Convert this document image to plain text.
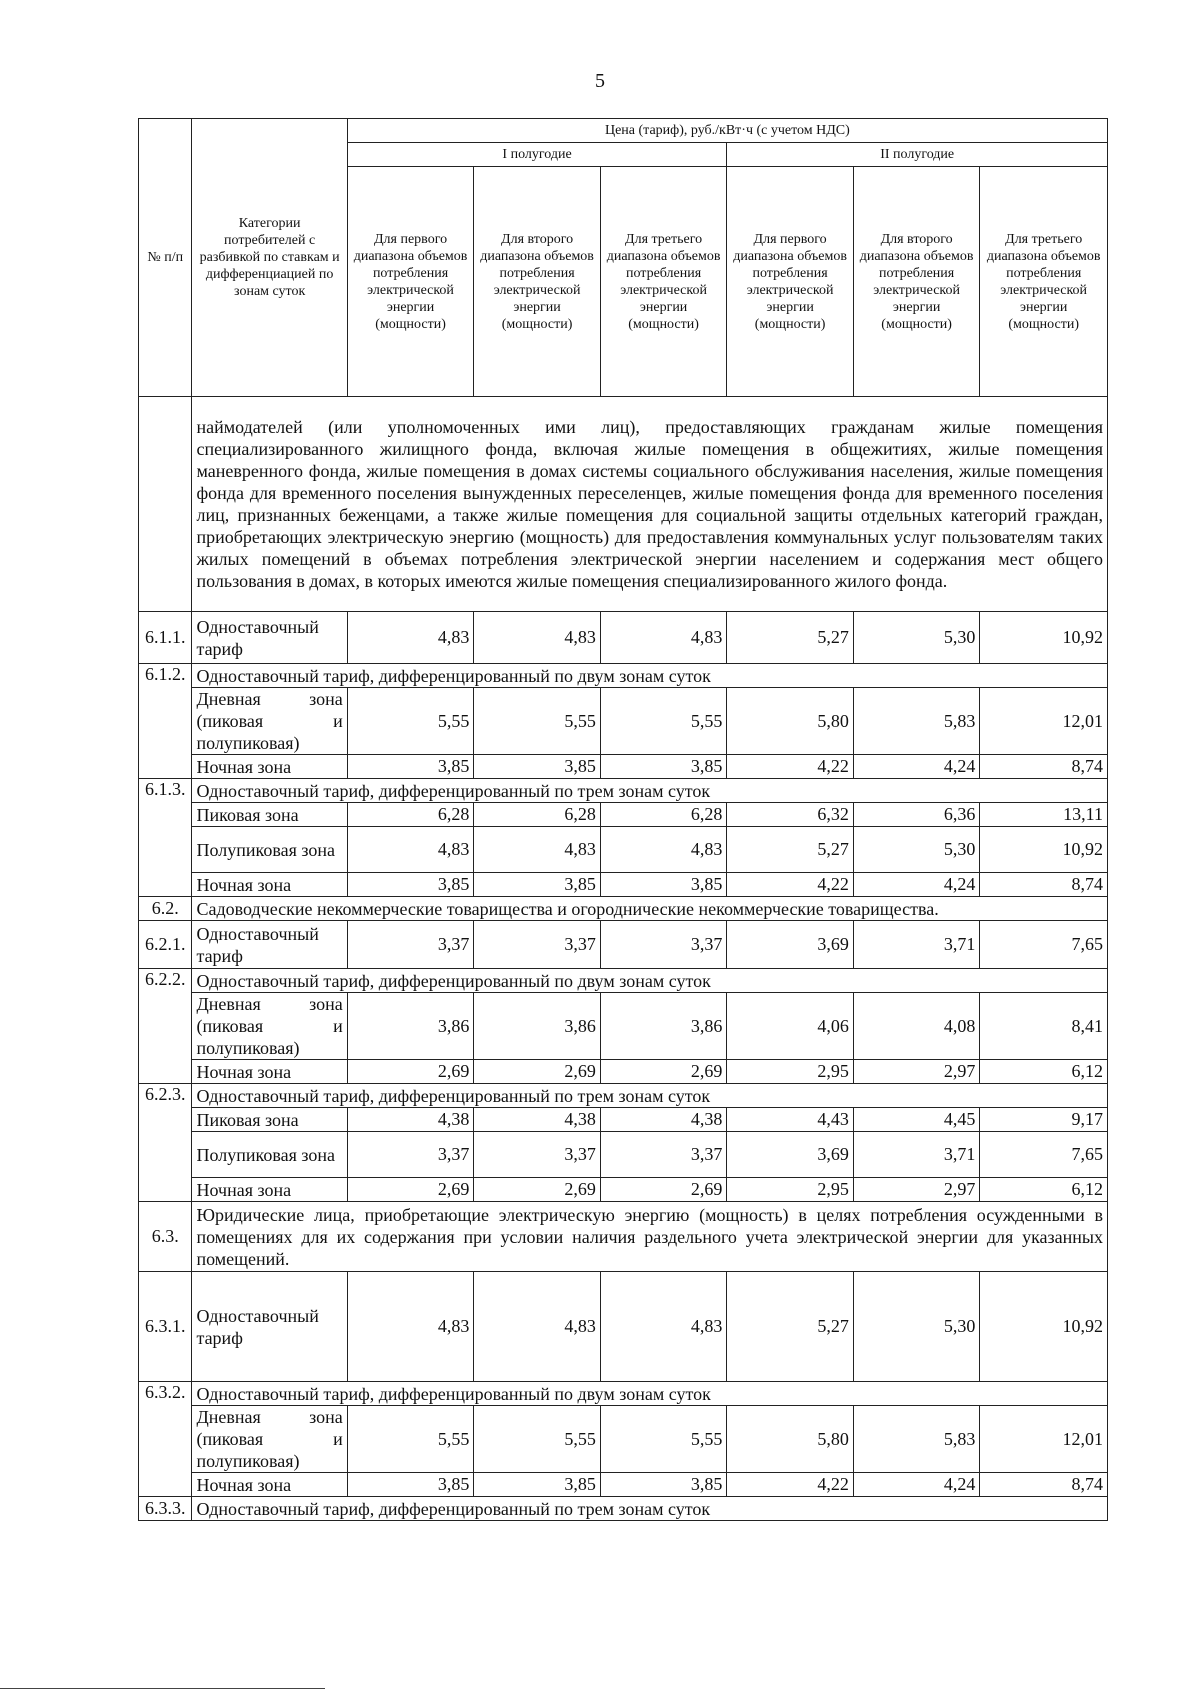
5
№ п/п	Категории потребителей с разбивкой по ставкам и дифференциацией по зонам суток	Цена (тариф), руб./кВт·ч (с учетом НДС)					
		I полугодие			II полугодие		
		Для первого диапазона объемов потребления электрической энергии (мощности)	Для второго диапазона объемов потребления электрической энергии (мощности)	Для третьего диапазона объемов потребления электрической энергии (мощности)	Для первого диапазона объемов потребления электрической энергии (мощности)	Для второго диапазона объемов потребления электрической энергии (мощности)	Для третьего диапазона объемов потребления электрической энергии (мощности)
	наймодателей (или уполномоченных ими лиц), предоставляющих гражданам жилые помещения специализированного жилищного фонда, включая жилые помещения в общежитиях, жилые помещения маневренного фонда, жилые помещения в домах системы социального обслуживания населения, жилые помещения фонда для временного поселения вынужденных переселенцев, жилые помещения фонда для временного поселения лиц, признанных беженцами, а также жилые помещения для социальной защиты отдельных категорий граждан, приобретающих электрическую энергию (мощность) для предоставления коммунальных услуг пользователям таких жилых помещений в объемах потребления электрической энергии населением и содержания мест общего пользования в домах, в которых имеются жилые помещения специализированного жилого фонда.						
6.1.1.	Одноставочный тариф	4,83	4,83	4,83	5,27	5,30	10,92
6.1.2.	Одноставочный тариф, дифференцированный по двум зонам суток						
	Дневная зона (пиковая и полупиковая)	5,55	5,55	5,55	5,80	5,83	12,01
	Ночная зона	3,85	3,85	3,85	4,22	4,24	8,74
6.1.3.	Одноставочный тариф, дифференцированный по трем зонам суток						
	Пиковая зона	6,28	6,28	6,28	6,32	6,36	13,11
	Полупиковая зона	4,83	4,83	4,83	5,27	5,30	10,92
	Ночная зона	3,85	3,85	3,85	4,22	4,24	8,74
6.2.	Садоводческие некоммерческие товарищества и огороднические некоммерческие товарищества.						
6.2.1.	Одноставочный тариф	3,37	3,37	3,37	3,69	3,71	7,65
6.2.2.	Одноставочный тариф, дифференцированный по двум зонам суток						
	Дневная зона (пиковая и полупиковая)	3,86	3,86	3,86	4,06	4,08	8,41
	Ночная зона	2,69	2,69	2,69	2,95	2,97	6,12
6.2.3.	Одноставочный тариф, дифференцированный по трем зонам суток						
	Пиковая зона	4,38	4,38	4,38	4,43	4,45	9,17
	Полупиковая зона	3,37	3,37	3,37	3,69	3,71	7,65
	Ночная зона	2,69	2,69	2,69	2,95	2,97	6,12
6.3.	Юридические лица, приобретающие электрическую энергию (мощность) в целях потребления осужденными в помещениях для их содержания при условии наличия раздельного учета электрической энергии для указанных помещений.						
6.3.1.	Одноставочный тариф	4,83	4,83	4,83	5,27	5,30	10,92
6.3.2.	Одноставочный тариф, дифференцированный по двум зонам суток						
	Дневная зона (пиковая и полупиковая)	5,55	5,55	5,55	5,80	5,83	12,01
	Ночная зона	3,85	3,85	3,85	4,22	4,24	8,74
6.3.3.	Одноставочный тариф, дифференцированный по трем зонам суток						
